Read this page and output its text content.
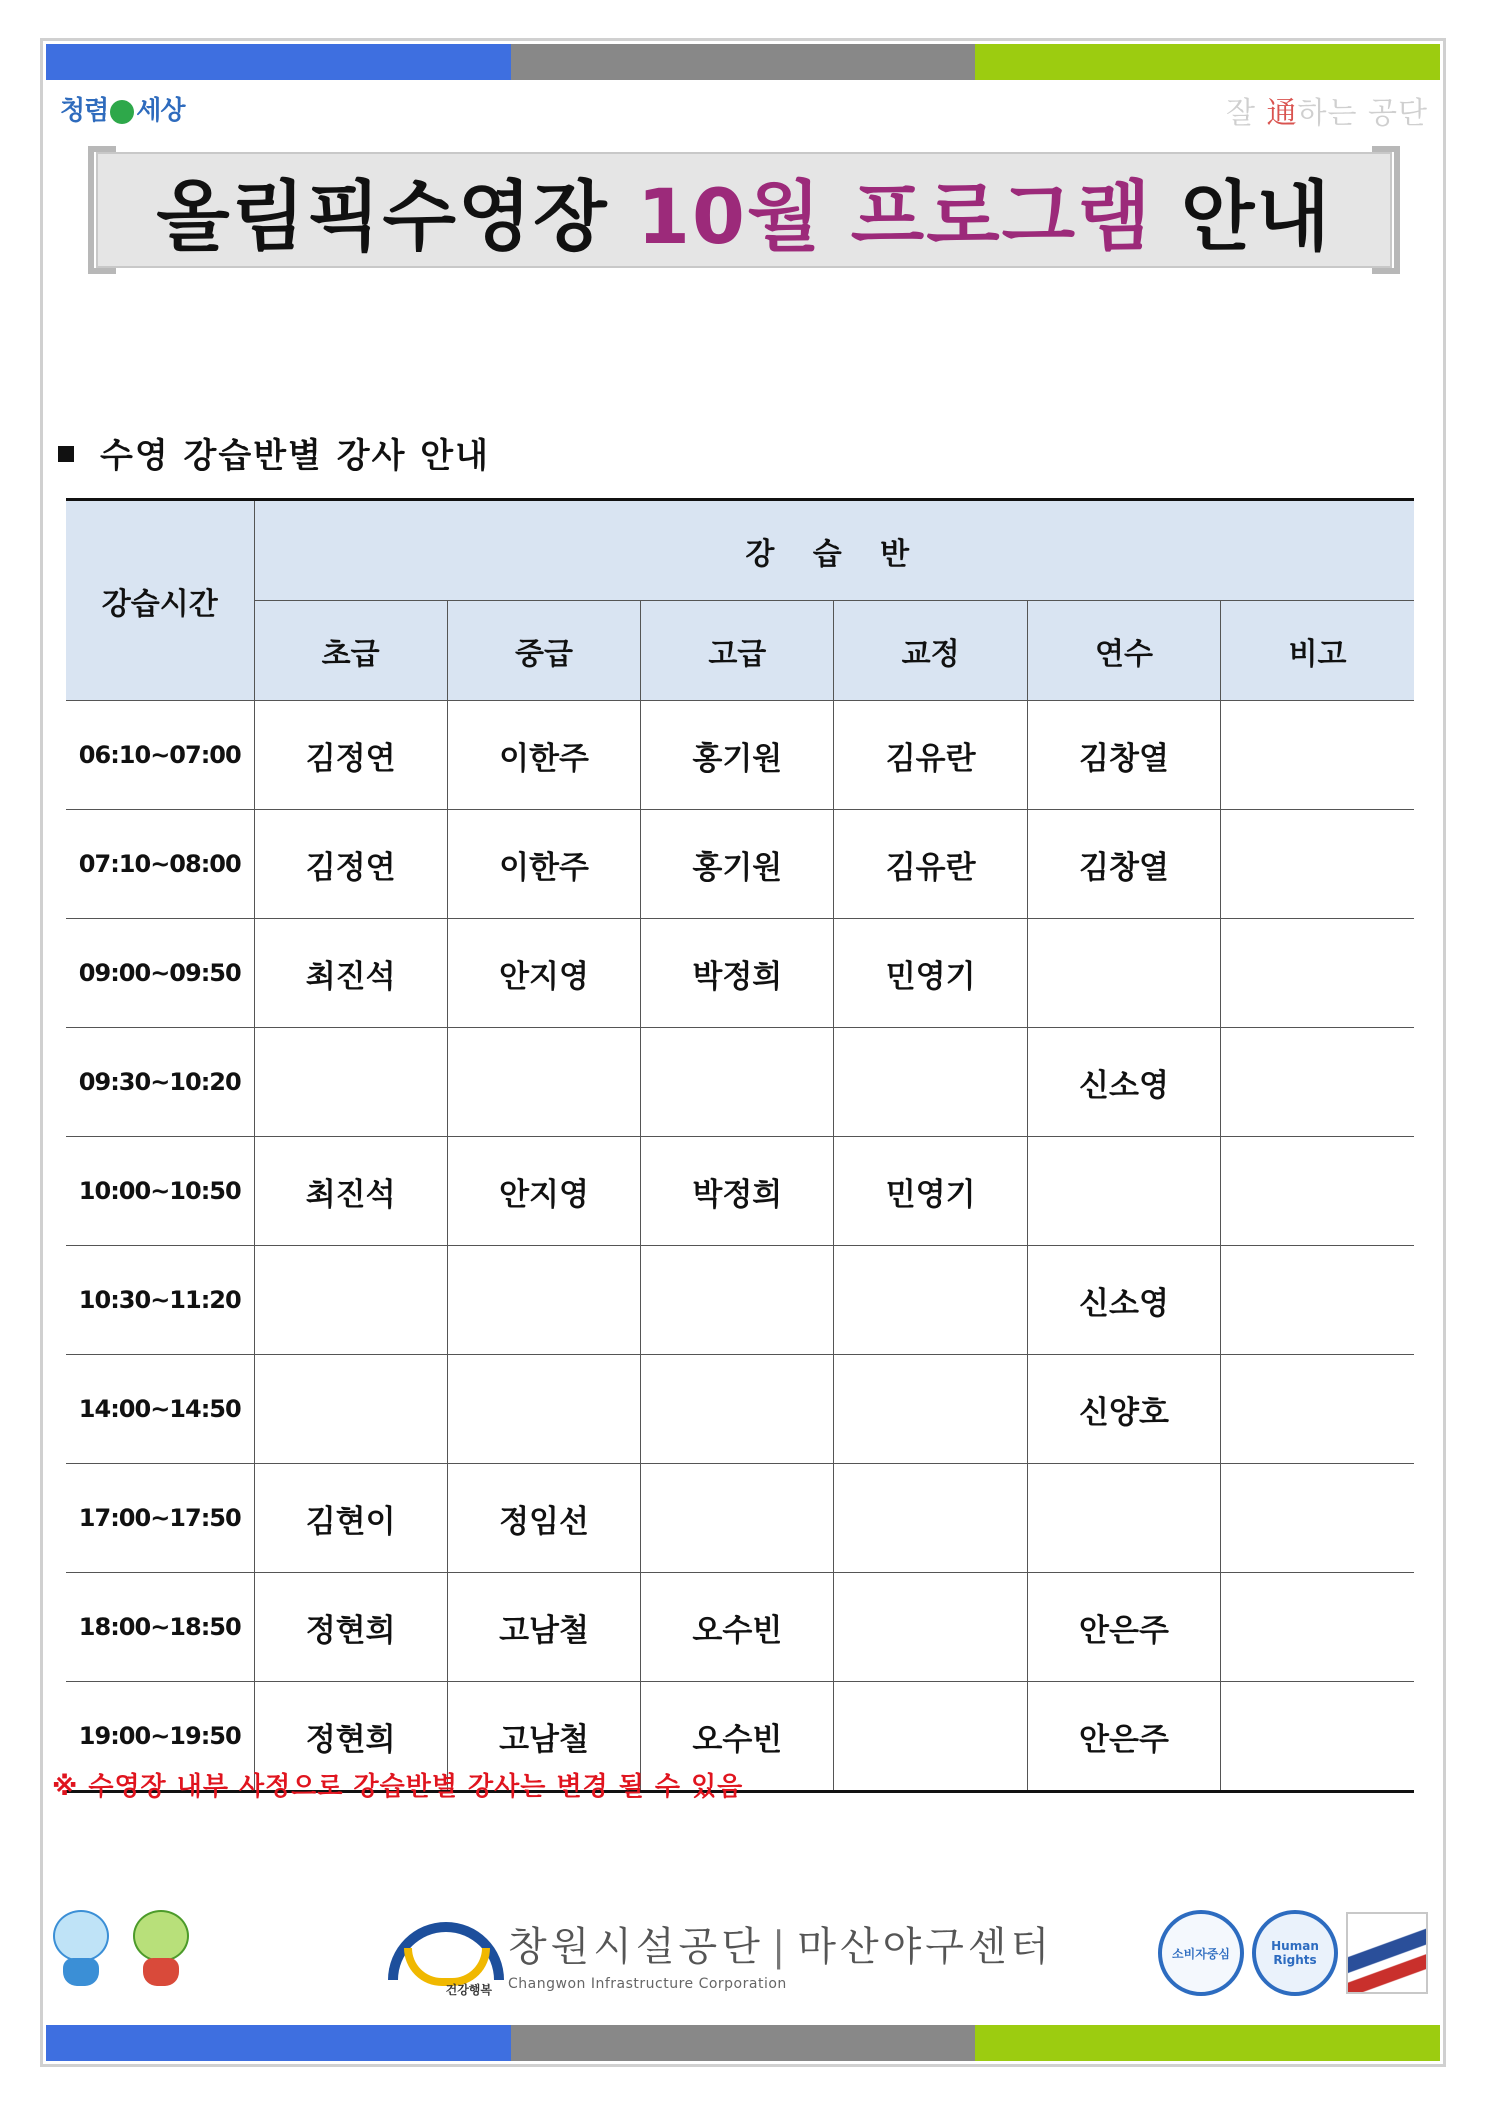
청렴 세상	잘 通하는 공단
올림픽수영장 10월 프로그램 안내
수영 강습반별 강사 안내
강습시간	강 습 반					
	초급	중급	고급	교정	연수	비고
06:10~07:00	김정연	이한주	홍기원	김유란	김창열	
07:10~08:00	김정연	이한주	홍기원	김유란	김창열	
09:00~09:50	최진석	안지영	박정희	민영기		
09:30~10:20					신소영	
10:00~10:50	최진석	안지영	박정희	민영기		
10:30~11:20					신소영	
14:00~14:50					신양호	
17:00~17:50	김현이	정임선				
18:00~18:50	정현희	고남철	오수빈		안은주	
19:00~19:50	정현희	고남철	오수빈		안은주	
※ 수영장 내부 사정으로 강습반별 강사는 변경 될 수 있음
건강행복
창원시설공단 | 마산야구센터
Changwon Infrastructure Corporation
소비자중심
Human Rights
